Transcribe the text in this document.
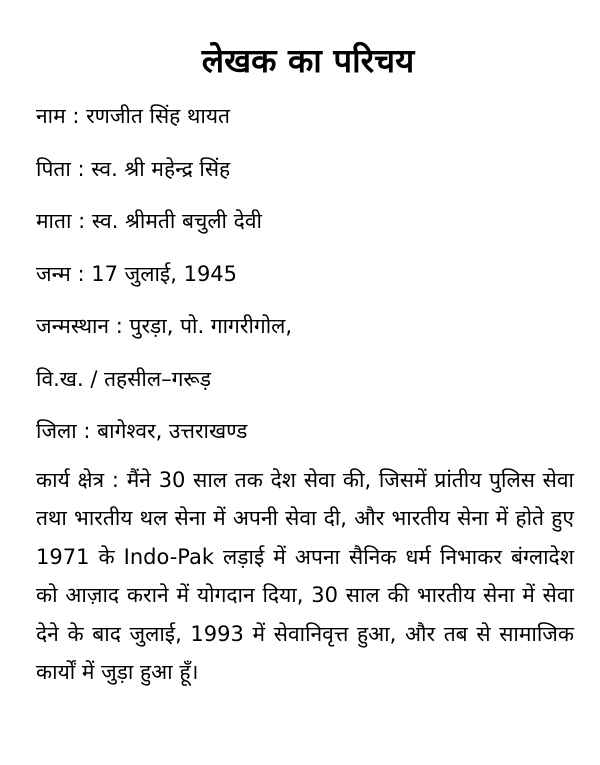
लेखक का परिचय
नाम : रणजीत सिंह थायत
पिता : स्व. श्री महेन्द्र सिंह
माता : स्व. श्रीमती बचुली देवी
जन्म : 17 जुलाई, 1945
जन्मस्थान : पुरड़ा, पो. गागरीगोल,
वि.ख. / तहसील–गरूड़
जिला : बागेश्वर, उत्तराखण्ड

कार्य क्षेत्र : मैंने 30 साल तक देश सेवा की, जिसमें प्रांतीय पुलिस सेवा तथा भारतीय थल सेना में अपनी सेवा दी, और भारतीय सेना में होते हुए 1971 के Indo-Pak लड़ाई में अपना सैनिक धर्म निभाकर बंग्लादेश को आज़ाद कराने में योगदान दिया, 30 साल की भारतीय सेना में सेवा देने के बाद जुलाई, 1993 में सेवानिवृत्त हुआ, और तब से सामाजिक कार्यों में जुड़ा हुआ हूँ।
